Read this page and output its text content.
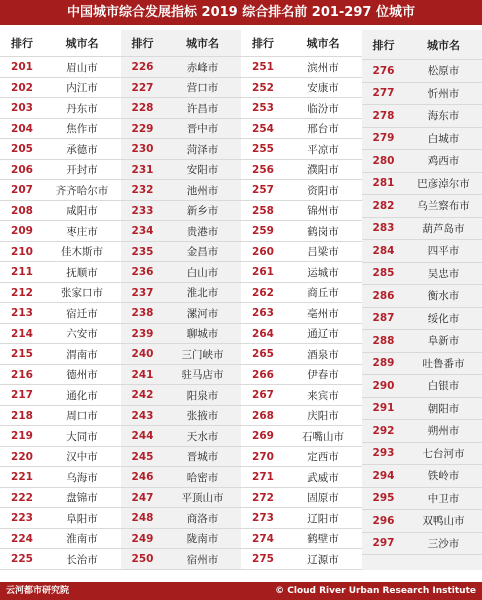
中国城市综合发展指标 2019 综合排名前 201-297 位城市
排行	城市名
201	眉山市
202	内江市
203	丹东市
204	焦作市
205	承德市
206	开封市
207	齐齐哈尔市
208	咸阳市
209	枣庄市
210	佳木斯市
211	抚顺市
212	张家口市
213	宿迁市
214	六安市
215	渭南市
216	德州市
217	通化市
218	周口市
219	大同市
220	汉中市
221	乌海市
222	盘锦市
223	阜阳市
224	淮南市
225	长治市
排行	城市名
226	赤峰市
227	营口市
228	许昌市
229	晋中市
230	菏泽市
231	安阳市
232	池州市
233	新乡市
234	贵港市
235	金昌市
236	白山市
237	淮北市
238	漯河市
239	聊城市
240	三门峡市
241	驻马店市
242	阳泉市
243	张掖市
244	天水市
245	晋城市
246	哈密市
247	平顶山市
248	商洛市
249	陇南市
250	宿州市
排行	城市名
251	滨州市
252	安康市
253	临汾市
254	邢台市
255	平凉市
256	濮阳市
257	资阳市
258	锦州市
259	鹤岗市
260	吕梁市
261	运城市
262	商丘市
263	亳州市
264	通辽市
265	酒泉市
266	伊春市
267	来宾市
268	庆阳市
269	石嘴山市
270	定西市
271	武威市
272	固原市
273	辽阳市
274	鹤壁市
275	辽源市
排行	城市名
276	松原市
277	忻州市
278	海东市
279	白城市
280	鸡西市
281	巴彦淖尔市
282	乌兰察布市
283	葫芦岛市
284	四平市
285	吴忠市
286	衡水市
287	绥化市
288	阜新市
289	吐鲁番市
290	白银市
291	朝阳市
292	朔州市
293	七台河市
294	铁岭市
295	中卫市
296	双鸭山市
297	三沙市
云河都市研究院	© Cloud River Urban Research Institute
